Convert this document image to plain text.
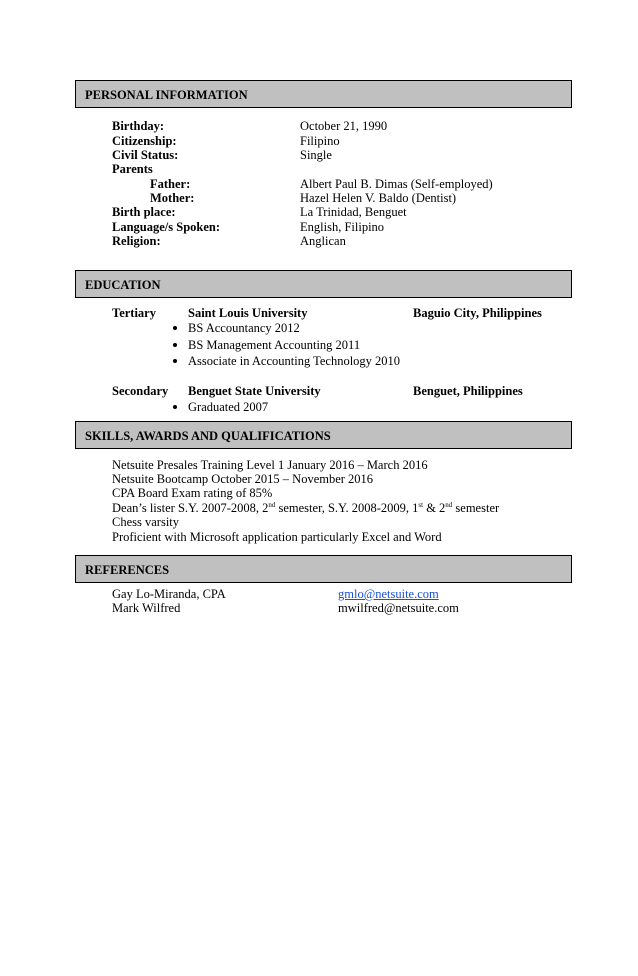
PERSONAL INFORMATION
Birthday:	October 21, 1990
Citizenship:	Filipino
Civil Status:	Single
Parents
Father:	Albert Paul B. Dimas (Self-employed)
Mother:	Hazel Helen V. Baldo (Dentist)
Birth place:	La Trinidad, Benguet
Language/s Spoken:	English, Filipino
Religion:	Anglican
EDUCATION
Tertiary	Saint Louis University	Baguio City, Philippines
BS Accountancy 2012
BS Management Accounting 2011
Associate in Accounting Technology 2010
Secondary Benguet State University	Benguet, Philippines
Graduated 2007
SKILLS, AWARDS AND QUALIFICATIONS
Netsuite Presales Training Level 1 January 2016 – March 2016
Netsuite Bootcamp October 2015 – November 2016
CPA Board Exam rating of 85%
Dean’s lister S.Y. 2007-2008, 2nd semester, S.Y. 2008-2009, 1st & 2nd semester
Chess varsity
Proficient with Microsoft application particularly Excel and Word
REFERENCES
Gay Lo-Miranda, CPA	gmlo@netsuite.com
Mark Wilfred	mwilfred@netsuite.com
